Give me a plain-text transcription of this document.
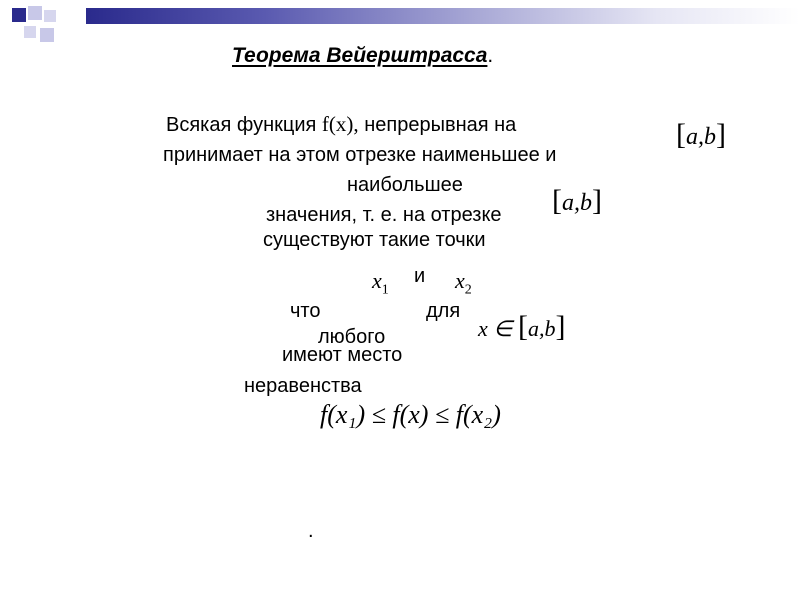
Теорема Вейерштрасса.
Всякая функция f(x), непрерывная на	[a,b]
принимает на этом отрезке наименьшее и
наибольшее	[a,b]
значения, т. е. на отрезке
существуют такие точки
$x_1$
и $x_2$
что	для
x ∈ [a,b]
любого
имеют место
неравенства
f(x₁) ≤ f(x) ≤ f(x₂)
.
